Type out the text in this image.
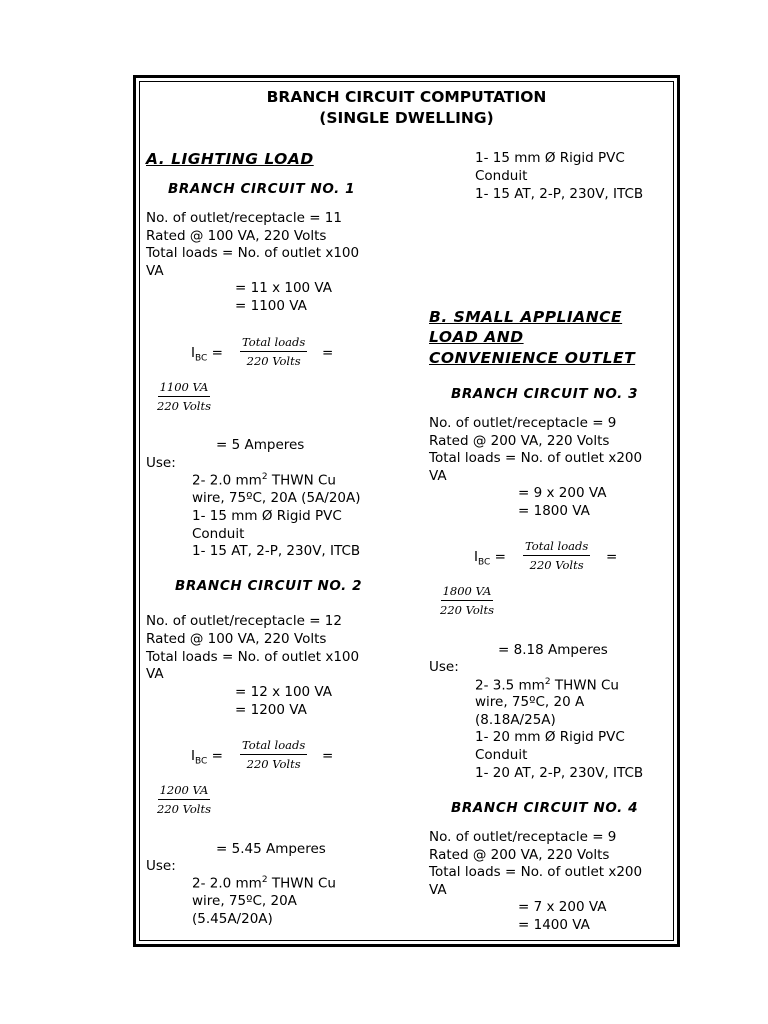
BRANCH CIRCUIT COMPUTATION
(SINGLE DWELLING)
A. LIGHTING LOAD
BRANCH CIRCUIT NO. 1
No. of outlet/receptacle = 11
Rated @ 100 VA, 220 Volts
Total loads = No. of outlet x100
VA
= 11 x 100 VA
= 1100 VA
$I_{BC}$ =
Total loads
220 Volts =
1100 VA
220 Volts
= 5 Amperes
Use:
2- 2.0 $mm^2$ THWN Cu
wire, 75ºC, 20A (5A/20A)
1- 15 mm Ø Rigid PVC
Conduit
1- 15 AT, 2-P, 230V, ITCB
BRANCH CIRCUIT NO. 2
No. of outlet/receptacle = 12
Rated @ 100 VA, 220 Volts
Total loads = No. of outlet x100
VA
= 12 x 100 VA
= 1200 VA
$I_{BC}$ =
Total loads
220 Volts =
1200 VA
220 Volts
= 5.45 Amperes
Use:
2- 2.0 $mm^2$ THWN Cu
wire, 75ºC, 20A
(5.45A/20A)
1- 15 mm Ø Rigid PVC
Conduit
1- 15 AT, 2-P, 230V, ITCB
B. SMALL APPLIANCE
LOAD AND
CONVENIENCE OUTLET
BRANCH CIRCUIT NO. 3
No. of outlet/receptacle = 9
Rated @ 200 VA, 220 Volts
Total loads = No. of outlet x200
VA
= 9 x 200 VA
= 1800 VA
$I_{BC}$ =
Total loads
220 Volts =
1800 VA
220 Volts
= 8.18 Amperes
Use:
2- 3.5 $mm^2$ THWN Cu
wire, 75ºC, 20 A
(8.18A/25A)
1- 20 mm Ø Rigid PVC
Conduit
1- 20 AT, 2-P, 230V, ITCB
BRANCH CIRCUIT NO. 4
No. of outlet/receptacle = 9
Rated @ 200 VA, 220 Volts
Total loads = No. of outlet x200
VA
= 7 x 200 VA
= 1400 VA
